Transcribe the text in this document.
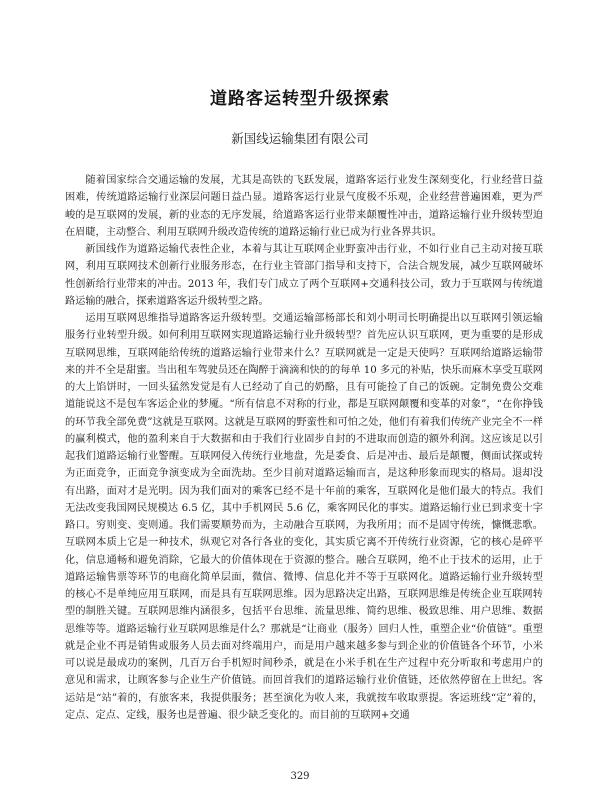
道路客运转型升级探索
新国线运输集团有限公司

随着国家综合交通运输的发展，尤其是高铁的飞跃发展，道路客运行业发生深刻变化，行业经营日益困难，传统道路运输行业深层问题日益凸显。道路客运行业景气度极不乐观，企业经营普遍困难，更为严峻的是互联网的发展，新的业态的无序发展，给道路客运行业带来颠覆性冲击，道路运输行业升级转型迫在眉睫，主动整合、利用互联网升级改造传统的道路运输行业已成为行业各界共识。

新国线作为道路运输代表性企业，本着与其让互联网企业野蛮冲击行业，不如行业自己主动对接互联网，利用互联网技术创新行业服务形态，在行业主管部门指导和支持下，合法合规发展，减少互联网破坏性创新给行业带来的冲击。2013 年，我们专门成立了两个互联网+交通科技公司，致力于互联网与传统道路运输的融合，探索道路客运升级转型之路。

运用互联网思维指导道路客运升级转型。交通运输部杨部长和刘小明司长明确提出以互联网引领运输服务行业转型升级。如何利用互联网实现道路运输行业升级转型？首先应认识互联网，更为重要的是形成互联网思维，互联网能给传统的道路运输行业带来什么？互联网就是一定是天使吗？互联网给道路运输带来的并不全是甜蜜。当出租车驾驶员还在陶醉于滴滴和快的的每单 10 多元的补贴，快乐而麻木享受互联网的大上馅饼时，一回头猛然发觉是有人已经动了自己的奶酪，且有可能捡了自己的饭碗。定制免费公交难道能说这不是包车客运企业的梦魇。“所有信息不对称的行业，都是互联网颠覆和变革的对象”，“在你挣钱的环节我全部免费”这就是互联网。这就是互联网的野蛮性和可怕之处，他们有着我们传统产业完全不一样的赢利模式，他的盈利来自于大数据和由于我们行业固步自封的不进取而创造的额外利润。这应该足以引起我们道路运输行业警醒。互联网侵入传统行业地盘，先是委食、后是冲击、最后是颠覆，侧面试探或转为正面竞争，正面竞争演变成为全面洗劫。至少目前对道路运输而言，是这种形象而现实的格局。退却没有出路，面对才是光明。因为我们面对的乘客已经不是十年前的乘客，互联网化是他们最大的特点。我们无法改变我国网民规模达 6.5 亿，其中手机网民 5.6 亿，乘客网民化的事实。道路运输行业已到求变十字路口。穷则变、变则通。我们需要顺势而为，主动融合互联网，为我所用；而不是固守传统，慷慨悲歌。互联网本质上它是一种技术，纵观它对各行各业的变化，其实质它离不开传统行业资源，它的核心是碎平化，信息通畅和避免消除，它最大的价值体现在于资源的整合。融合互联网，绝不止于技术的运用，止于道路运输售票等环节的电商化简单层面，微信、微博、信息化并不等于互联网化。道路运输行业升级转型的核心不是单纯应用互联网，而是具有互联网思维。因为思路决定出路，互联网思维是传统企业互联网转型的制胜关键。互联网思维内涵很多，包括平台思维、流量思维、简约思维、极致思维、用户思维、数据思维等等。道路运输行业互联网思维是什么？那就是“让商业（服务）回归人性，重塑企业“价值链”。重塑就是企业不再是销售或服务人员去面对终端用户，而是用户越来越多参与到企业的价值链各个环节，小米可以说是最成功的案例，几百万台手机短时间秒杀，就是在小米手机在生产过程中充分听取和考虑用户的意见和需求，让顾客参与企业生产价值链。而回首我们的道路运输行业价值链，还依然停留在上世纪。客运站是“站”着的，有旅客来，我提供服务；甚至演化为收人来，我就按车收取票提。客运班线“定”着的，定点、定点、定线，服务也是普遍、很少缺乏变化的。而目前的互联网+交通

329
